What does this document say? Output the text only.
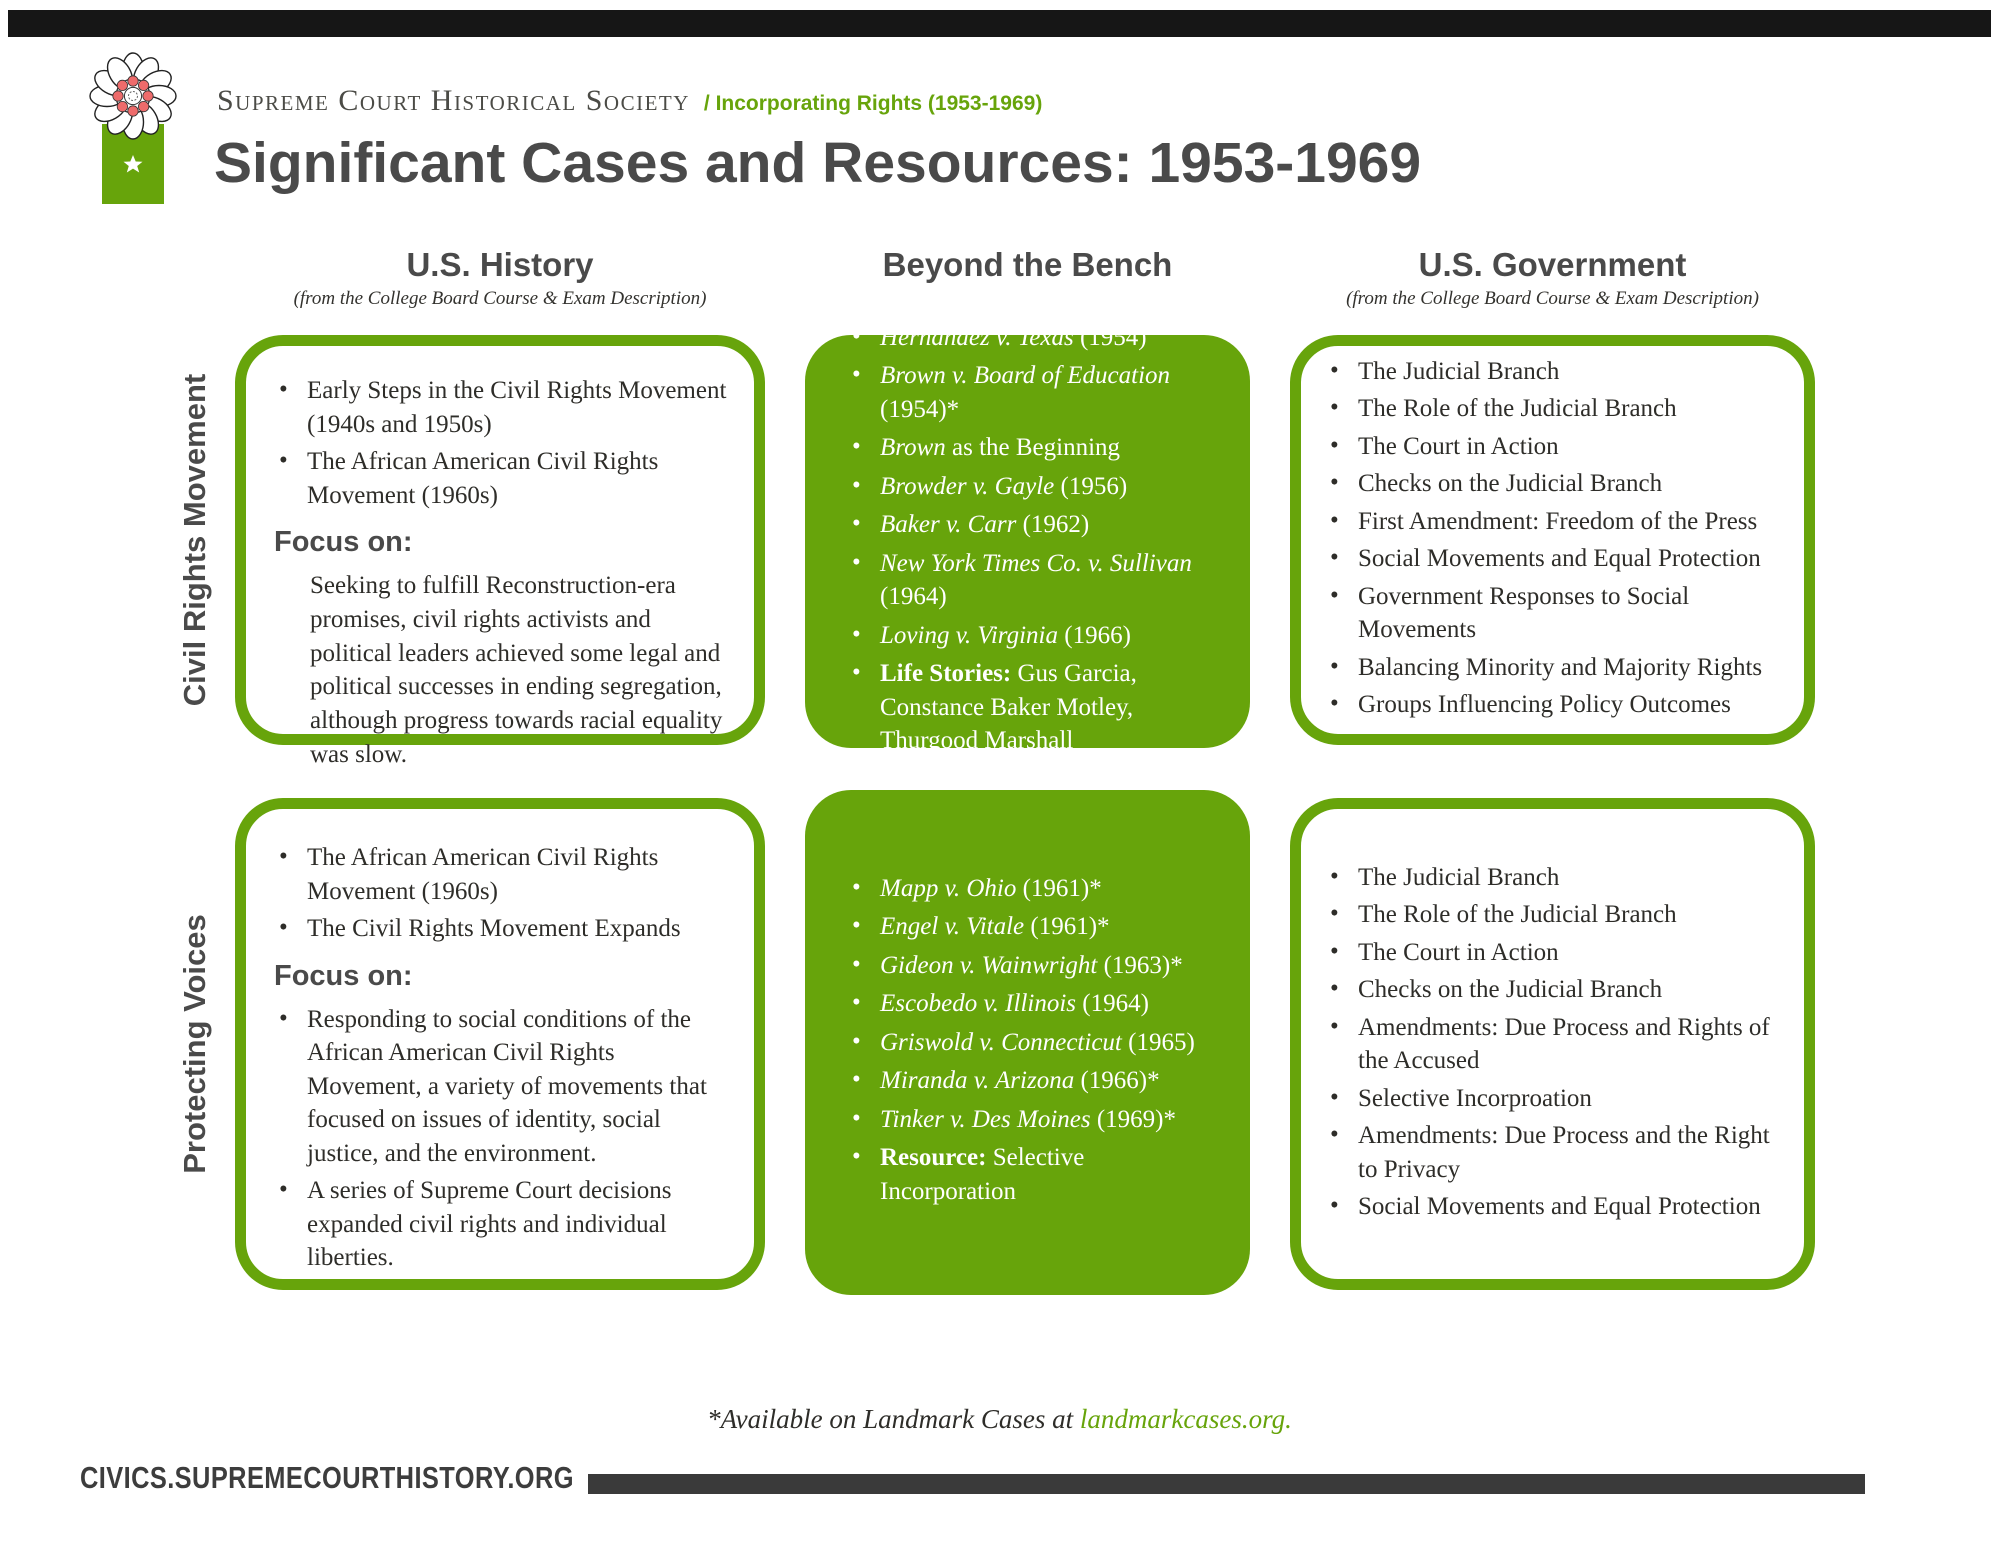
Supreme Court Historical Society / Incorporating Rights (1953-1969)
Significant Cases and Resources: 1953-1969
U.S. History
(from the College Board Course & Exam Description)
Beyond the Bench	U.S. Government
(from the College Board Course & Exam Description)
Civil Rights Movement
Protecting Voices
• Early Steps in the Civil Rights Movement (1940s and 1950s)
• The African American Civil Rights Movement (1960s)
Focus on:
Seeking to fulfill Reconstruction-era promises, civil rights activists and political leaders achieved some legal and political successes in ending segregation, although progress towards racial equality was slow.
• Hernandez v. Texas (1954)
• Brown v. Board of Education (1954)*
• Brown as the Beginning
• Browder v. Gayle (1956)
• Baker v. Carr (1962)
• New York Times Co. v. Sullivan (1964)
• Loving v. Virginia (1966)
• Life Stories: Gus Garcia, Constance Baker Motley, Thurgood Marshall
• The Judicial Branch
• The Role of the Judicial Branch
• The Court in Action
• Checks on the Judicial Branch
• First Amendment: Freedom of the Press
• Social Movements and Equal Protection
• Government Responses to Social Movements
• Balancing Minority and Majority Rights
• Groups Influencing Policy Outcomes
• The African American Civil Rights Movement (1960s)
• The Civil Rights Movement Expands
Focus on:
• Responding to social conditions of the African American Civil Rights Movement, a variety of movements that focused on issues of identity, social justice, and the environment.
• A series of Supreme Court decisions expanded civil rights and individual liberties.
• Mapp v. Ohio (1961)*
• Engel v. Vitale (1961)*
• Gideon v. Wainwright (1963)*
• Escobedo v. Illinois (1964)
• Griswold v. Connecticut (1965)
• Miranda v. Arizona (1966)*
• Tinker v. Des Moines (1969)*
• Resource: Selective Incorporation
• The Judicial Branch
• The Role of the Judicial Branch
• The Court in Action
• Checks on the Judicial Branch
• Amendments: Due Process and Rights of the Accused
• Selective Incorproation
• Amendments: Due Process and the Right to Privacy
• Social Movements and Equal Protection
*Available on Landmark Cases at landmarkcases.org.
CIVICS.SUPREMECOURTHISTORY.ORG
